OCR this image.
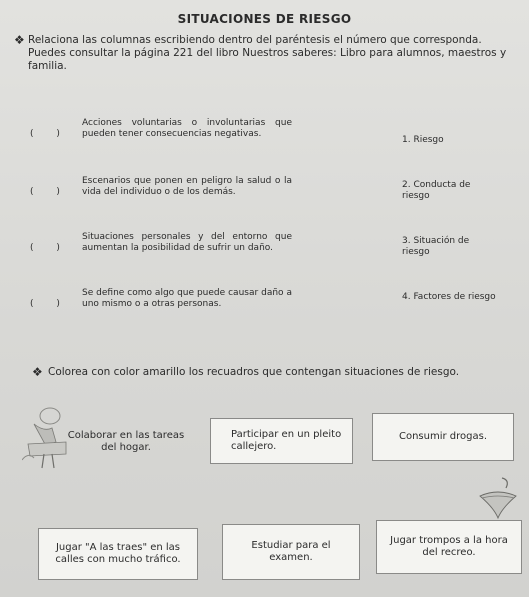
SITUACIONES DE RIESGO
❖ Relaciona las columnas escribiendo dentro del paréntesis el número que corresponda. Puedes consultar la página 221 del libro Nuestros saberes: Libro para alumnos, maestros y familia.
( )
Acciones voluntarias o involuntarias que pueden tener consecuencias negativas.
( )
Escenarios que ponen en peligro la salud o la vida del individuo o de los demás.
( )
Situaciones personales y del entorno que aumentan la posibilidad de sufrir un daño.
( )
Se define como algo que puede causar daño a uno mismo o a otras personas.
1. Riesgo
2. Conducta de riesgo
3. Situación de riesgo
4. Factores de riesgo
❖ Colorea con color amarillo los recuadros que contengan situaciones de riesgo.
Colaborar en las tareas del hogar.
Participar en un pleito callejero.
Consumir drogas.
Jugar "A las traes" en las calles con mucho tráfico.
Estudiar para el examen.
Jugar trompos a la hora del recreo.
